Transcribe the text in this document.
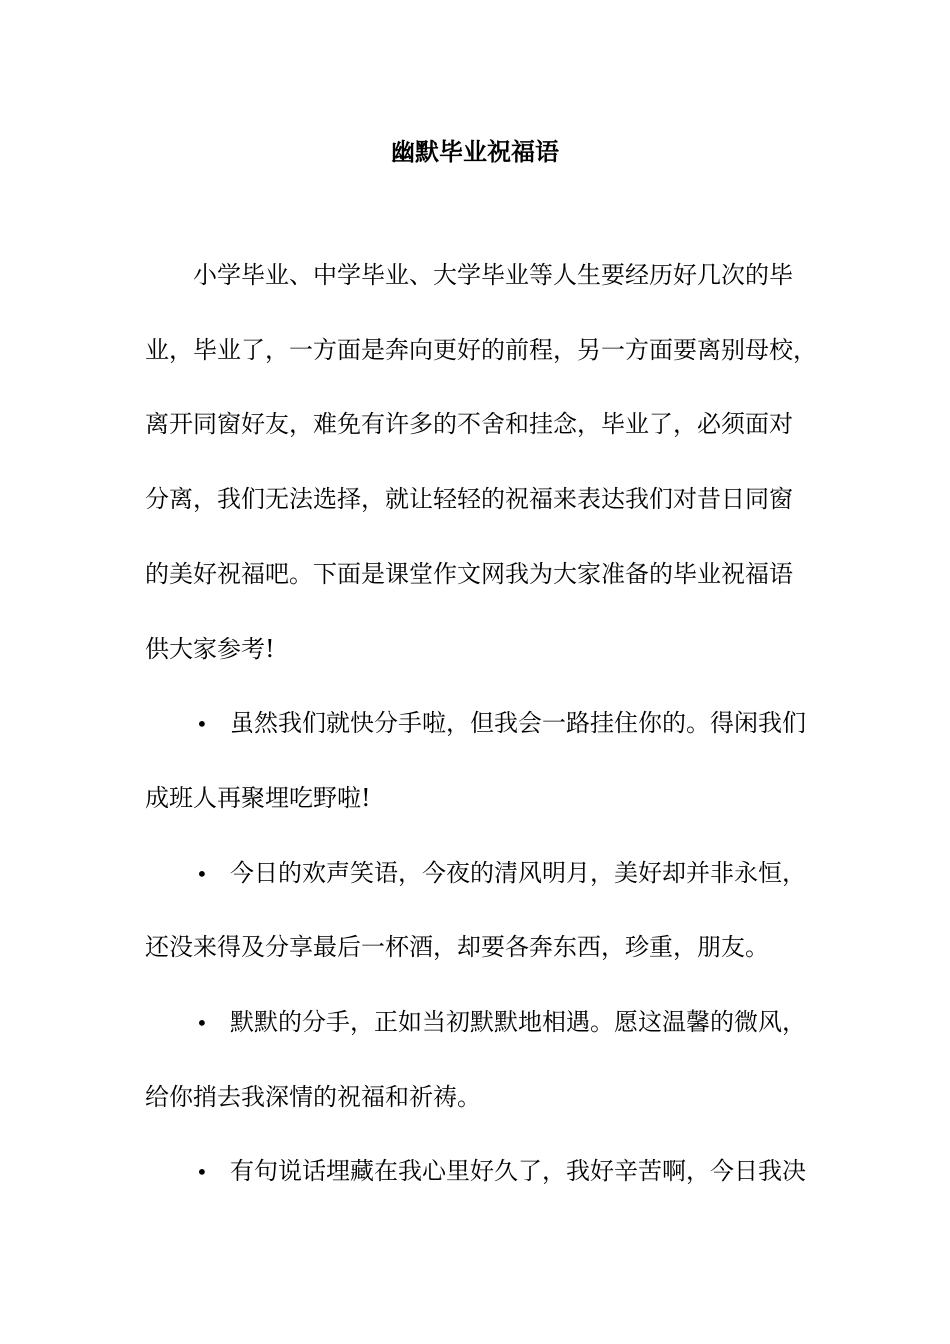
幽默毕业祝福语
小学毕业、中学毕业、大学毕业等人生要经历好几次的毕
业，毕业了，一方面是奔向更好的前程，另一方面要离别母校，
离开同窗好友，难免有许多的不舍和挂念，毕业了，必须面对
分离，我们无法选择，就让轻轻的祝福来表达我们对昔日同窗
的美好祝福吧。下面是课堂作文网我为大家准备的毕业祝福语
供大家参考!
• 虽然我们就快分手啦，但我会一路挂住你的。得闲我们
成班人再聚埋吃野啦!
• 今日的欢声笑语，今夜的清风明月，美好却并非永恒，
还没来得及分享最后一杯酒，却要各奔东西，珍重，朋友。
• 默默的分手，正如当初默默地相遇。愿这温馨的微风，
给你捎去我深情的祝福和祈祷。
• 有句说话埋藏在我心里好久了，我好辛苦啊，今日我决
